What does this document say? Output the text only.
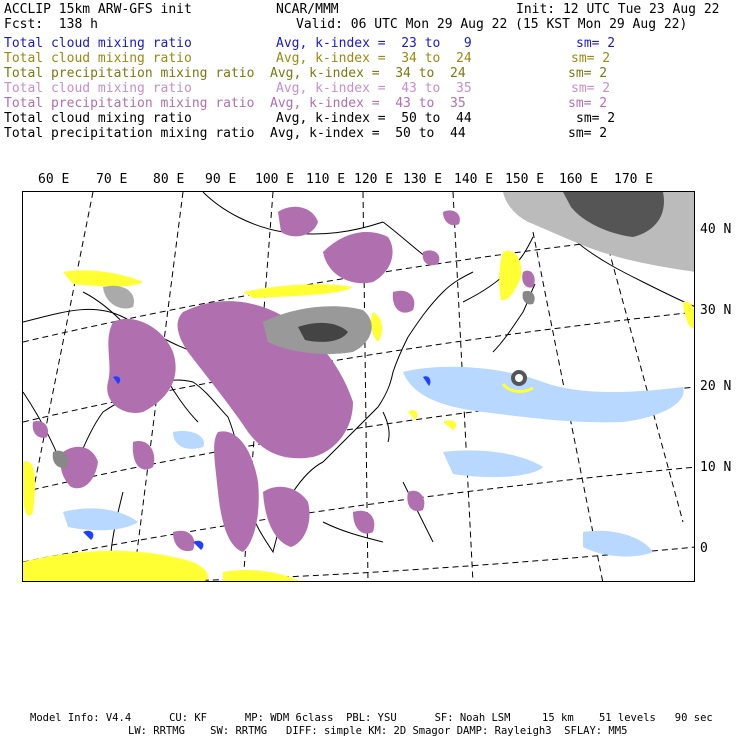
ACCLIP 15km ARW-GFS init	NCAR/MMM	Init: 12 UTC Tue 23 Aug 22
Fcst:  138 h	Valid: 06 UTC Mon 29 Aug 22 (15 KST Mon 29 Aug 22)
Total cloud mixing ratio	Avg, k-index =  23 to   9	sm= 2
Total cloud mixing ratio	Avg, k-index =  34 to  24	sm= 2
Total precipitation mixing ratio Avg, k-index =  34 to  24	sm= 2
Total cloud mixing ratio	Avg, k-index =  43 to  35	sm= 2
Total precipitation mixing ratio Avg, k-index =  43 to  35	sm= 2
Total cloud mixing ratio	Avg, k-index =  50 to  44	sm= 2
Total precipitation mixing ratio Avg, k-index =  50 to  44	sm= 2
60 E 70 E 80 E 90 E 100 E 110 E 120 E 130 E 140 E 150 E 160 E 170 E
40 N
30 N
20 N
10 N
0
Model Info: V4.4      CU: KF      MP: WDM 6class  PBL: YSU      SF: Noah LSM     15 km    51 levels   90 sec
LW: RRTMG    SW: RRTMG   DIFF: simple KM: 2D Smagor DAMP: Rayleigh3  SFLAY: MM5
